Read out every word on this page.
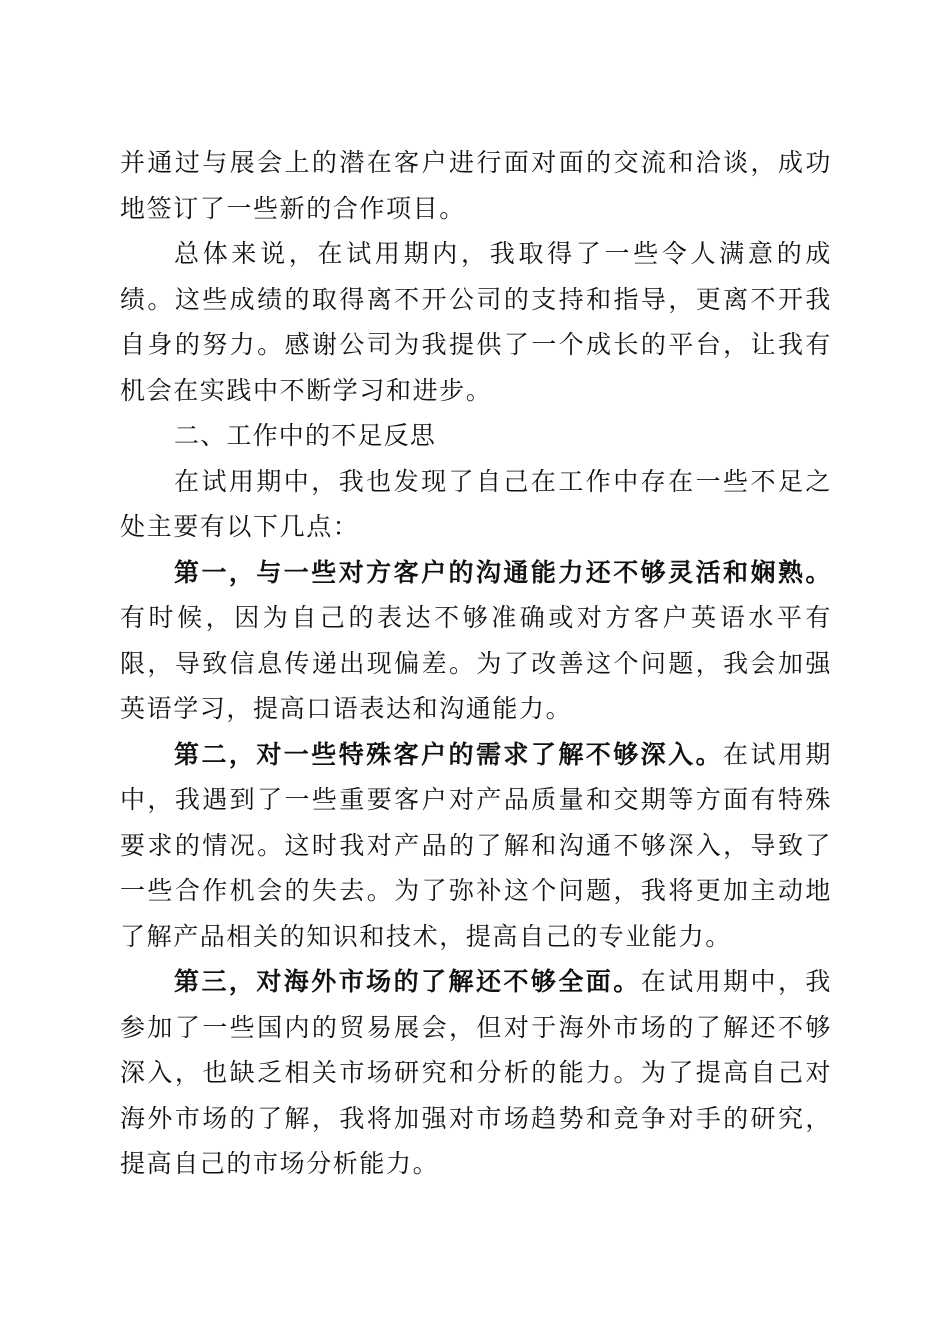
并通过与展会上的潜在客户进行面对面的交流和洽谈，成功地签订了一些新的合作项目。

总体来说，在试用期内，我取得了一些令人满意的成绩。这些成绩的取得离不开公司的支持和指导，更离不开我自身的努力。感谢公司为我提供了一个成长的平台，让我有机会在实践中不断学习和进步。

二、工作中的不足反思

在试用期中，我也发现了自己在工作中存在一些不足之处主要有以下几点：

第一，与一些对方客户的沟通能力还不够灵活和娴熟。有时候，因为自己的表达不够准确或对方客户英语水平有限，导致信息传递出现偏差。为了改善这个问题，我会加强英语学习，提高口语表达和沟通能力。

第二，对一些特殊客户的需求了解不够深入。在试用期中，我遇到了一些重要客户对产品质量和交期等方面有特殊要求的情况。这时我对产品的了解和沟通不够深入，导致了一些合作机会的失去。为了弥补这个问题，我将更加主动地了解产品相关的知识和技术，提高自己的专业能力。

第三，对海外市场的了解还不够全面。在试用期中，我参加了一些国内的贸易展会，但对于海外市场的了解还不够深入，也缺乏相关市场研究和分析的能力。为了提高自己对海外市场的了解，我将加强对市场趋势和竞争对手的研究，提高自己的市场分析能力。
